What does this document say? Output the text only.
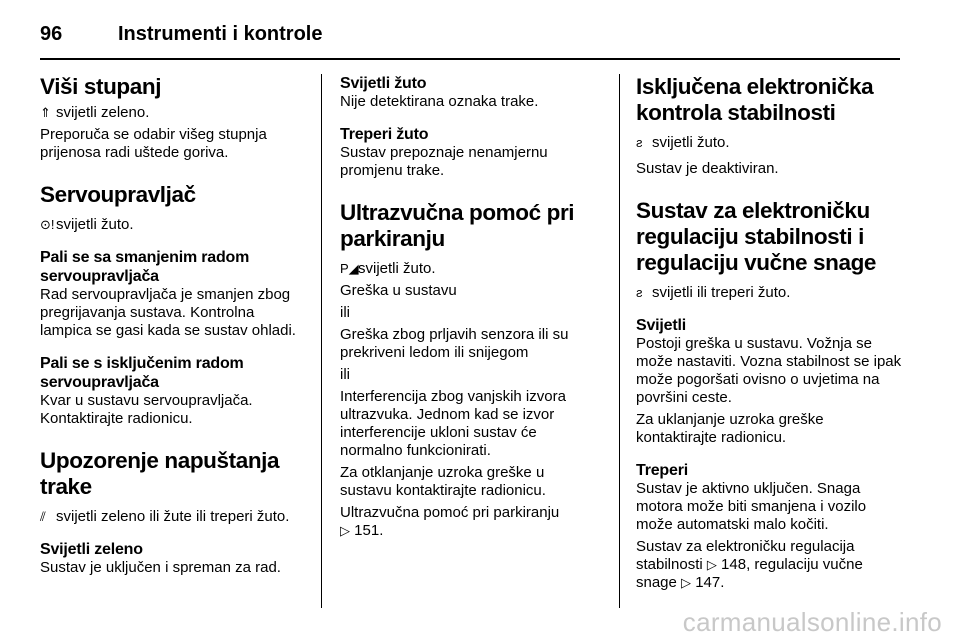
96	Instrumenti i kontrole
Viši stupanj
⇑ svijetli zeleno.
Preporuča se odabir višeg stupnja prijenosa radi uštede goriva.
Servoupravljač
⊙!svijetli žuto.
Pali se sa smanjenim radom servoupravljača
Rad servoupravljača je smanjen zbog pregrijavanja sustava. Kontrolna lampica se gasi kada se sustav ohladi.
Pali se s isključenim radom servoupravljača
Kvar u sustavu servoupravljača. Kontaktirajte radionicu.
Upozorenje napuštanja trake
⫽ svijetli zeleno ili žute ili treperi žuto.
Svijetli zeleno
Sustav je uključen i spreman za rad.
Svijetli žuto
Nije detektirana oznaka trake.
Treperi žuto
Sustav prepoznaje nenamjernu promjenu trake.
Ultrazvučna pomoć pri parkiranju
P◢svijetli žuto.
Greška u sustavu
ili
Greška zbog prljavih senzora ili su prekriveni ledom ili snijegom
ili
Interferencija zbog vanjskih izvora ultrazvuka. Jednom kad se izvor interferencije ukloni sustav će normalno funkcionirati.
Za otklanjanje uzroka greške u sustavu kontaktirajte radionicu.
Ultrazvučna pomoć pri parkiranju
▷ 151.
Isključena elektronička kontrola stabilnosti
ƨ svijetli žuto.
Sustav je deaktiviran.
Sustav za elektroničku regulaciju stabilnosti i regulaciju vučne snage
ƨ svijetli ili treperi žuto.
Svijetli
Postoji greška u sustavu. Vožnja se može nastaviti. Vozna stabilnost se ipak može pogoršati ovisno o uvjetima na površini ceste.
Za uklanjanje uzroka greške kontaktirajte radionicu.
Treperi
Sustav je aktivno uključen. Snaga motora može biti smanjena i vozilo može automatski malo kočiti.
Sustav za elektroničku regulacija stabilnosti ▷ 148, regulaciju vučne snage ▷ 147.
carmanualsonline.info
